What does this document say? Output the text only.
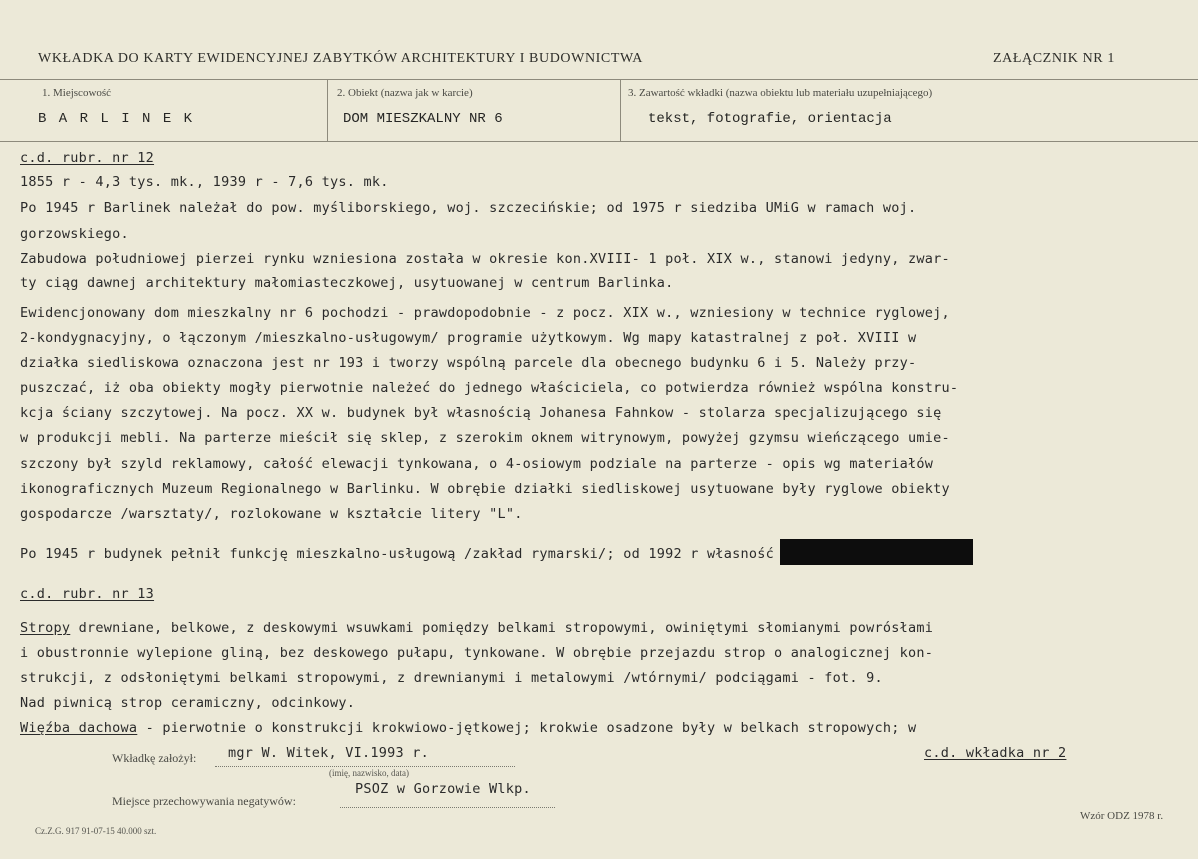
WKŁADKA DO KARTY EWIDENCYJNEJ ZABYTKÓW ARCHITEKTURY I BUDOWNICTWA	ZAŁĄCZNIK NR 1
1. Miejscowość
B A R L I N E K
2. Obiekt (nazwa jak w karcie)
DOM MIESZKALNY NR 6
3. Zawartość wkładki (nazwa obiektu lub materiału uzupełniającego)
tekst, fotografie, orientacja
c.d. rubr. nr 12
1855 r - 4,3 tys. mk., 1939 r - 7,6 tys. mk.
Po 1945 r Barlinek należał do pow. myśliborskiego, woj. szczecińskie; od 1975 r siedziba UMiG w ramach woj.
gorzowskiego.
Zabudowa południowej pierzei rynku wzniesiona została w okresie kon.XVIII- 1 poł. XIX w., stanowi jedyny, zwar-
ty ciąg dawnej architektury małomiasteczkowej, usytuowanej w centrum Barlinka.
Ewidencjonowany dom mieszkalny nr 6 pochodzi - prawdopodobnie - z pocz. XIX w., wzniesiony w technice ryglowej,
2-kondygnacyjny, o łączonym /mieszkalno-usługowym/ programie użytkowym. Wg mapy katastralnej z poł. XVIII w
działka siedliskowa oznaczona jest nr 193 i tworzy wspólną parcele dla obecnego budynku 6 i 5. Należy przy-
puszczać, iż oba obiekty mogły pierwotnie należeć do jednego właściciela, co potwierdza również wspólna konstru-
kcja ściany szczytowej. Na pocz. XX w. budynek był własnością Johanesa Fahnkow - stolarza specjalizującego się
w produkcji mebli. Na parterze mieścił się sklep, z szerokim oknem witrynowym, powyżej gzymsu wieńczącego umie-
szczony był szyld reklamowy, całość elewacji tynkowana, o 4-osiowym podziale na parterze - opis wg materiałów
ikonograficznych Muzeum Regionalnego w Barlinku. W obrębie działki siedliskowej usytuowane były ryglowe obiekty
gospodarcze /warsztaty/, rozlokowane w kształcie litery "L".
Po 1945 r budynek pełnił funkcję mieszkalno-usługową /zakład rymarski/; od 1992 r własność
c.d. rubr. nr 13
Stropy drewniane, belkowe, z deskowymi wsuwkami pomiędzy belkami stropowymi, owiniętymi słomianymi powrósłami
i obustronnie wylepione gliną, bez deskowego pułapu, tynkowane. W obrębie przejazdu strop o analogicznej kon-
strukcji, z odsłoniętymi belkami stropowymi, z drewnianymi i metalowymi /wtórnymi/ podciągami - fot. 9.
Nad piwnicą strop ceramiczny, odcinkowy.
Więźba dachowa - pierwotnie o konstrukcji krokwiowo-jętkowej; krokwie osadzone były w belkach stropowych; w
Wkładkę założył: mgr W. Witek, VI.1993 r.
(imię, nazwisko, data)
c.d. wkładka nr 2
Miejsce przechowywania negatywów:
PSOZ w Gorzowie Wlkp.
Cz.Z.G. 917 91-07-15 40.000 szt.
Wzór ODZ 1978 r.
